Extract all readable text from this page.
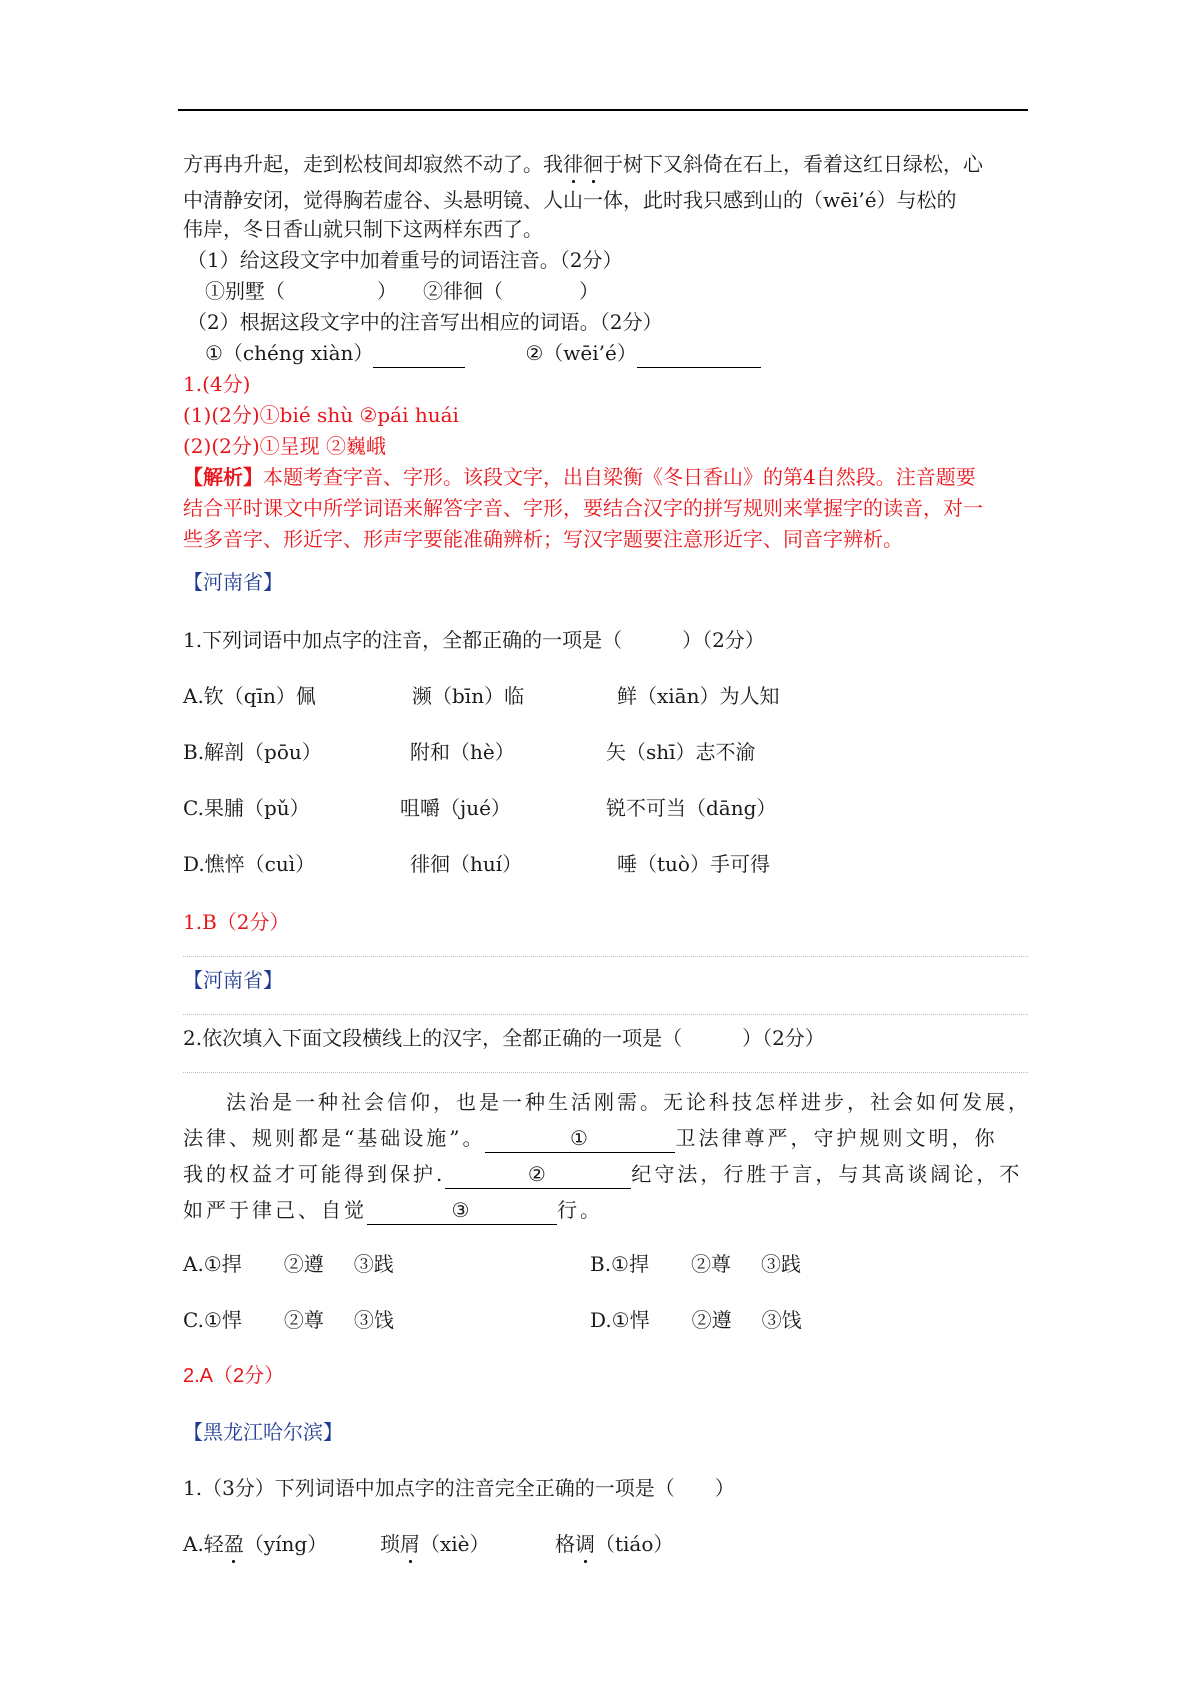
方再冉升起，走到松枝间却寂然不动了。我徘徊于树下又斜倚在石上，看着这红日绿松，心
中清静安闭，觉得胸若虚谷、头悬明镜、人山一体，此时我只感到山的（wēi’é）与松的
伟岸，冬日香山就只制下这两样东西了。
（1）给这段文字中加着重号的词语注音。（2分）
①别墅（	） ②徘徊（	）
（2）根据这段文字中的注音写出相应的词语。（2分）
①（chéng xiàn）	②（wēi’é）
1.(4分)
(1)(2分)①bié shù ②pái huái
(2)(2分)①呈现 ②巍峨
【解析】本题考查字音、字形。该段文字，出自梁衡《冬日香山》的第4自然段。注音题要
结合平时课文中所学词语来解答字音、字形，要结合汉字的拼写规则来掌握字的读音，对一
些多音字、形近字、形声字要能准确辨析；写汉字题要注意形近字、同音字辨析。
【河南省】
1.下列词语中加点字的注音，全都正确的一项是（　　　）（2分）
A.钦（qīn）佩	濒（bīn）临	鲜（xiān）为人知
B.解剖（pōu）	附和（hè）	矢（shī）志不渝
C.果脯（pǔ）	咀嚼（jué）	锐不可当（dāng）
D.憔悴（cuì）	徘徊（huí）	唾（tuò）手可得
1.B（2分）
【河南省】
2.依次填入下面文段横线上的汉字，全都正确的一项是（　　　）（2分）
法治是一种社会信仰，也是一种生活刚需。无论科技怎样进步，社会如何发展，
法律、规则都是“基础设施”。	①	卫法律尊严，守护规则文明，你
我的权益才可能得到保护.	②	纪守法，行胜于言，与其高谈阔论，不
如严于律己、自觉	③	行。
A.①捍 ②遵 ③践	B.①捍 ②尊 ③践
C.①悍 ②尊 ③饯	D.①悍 ②遵 ③饯
2.A（2分）
【黑龙江哈尔滨】
1.（3分）下列词语中加点字的注音完全正确的一项是（　　）
A.轻盈（yíng）	琐屑（xiè）	格调（tiáo）
